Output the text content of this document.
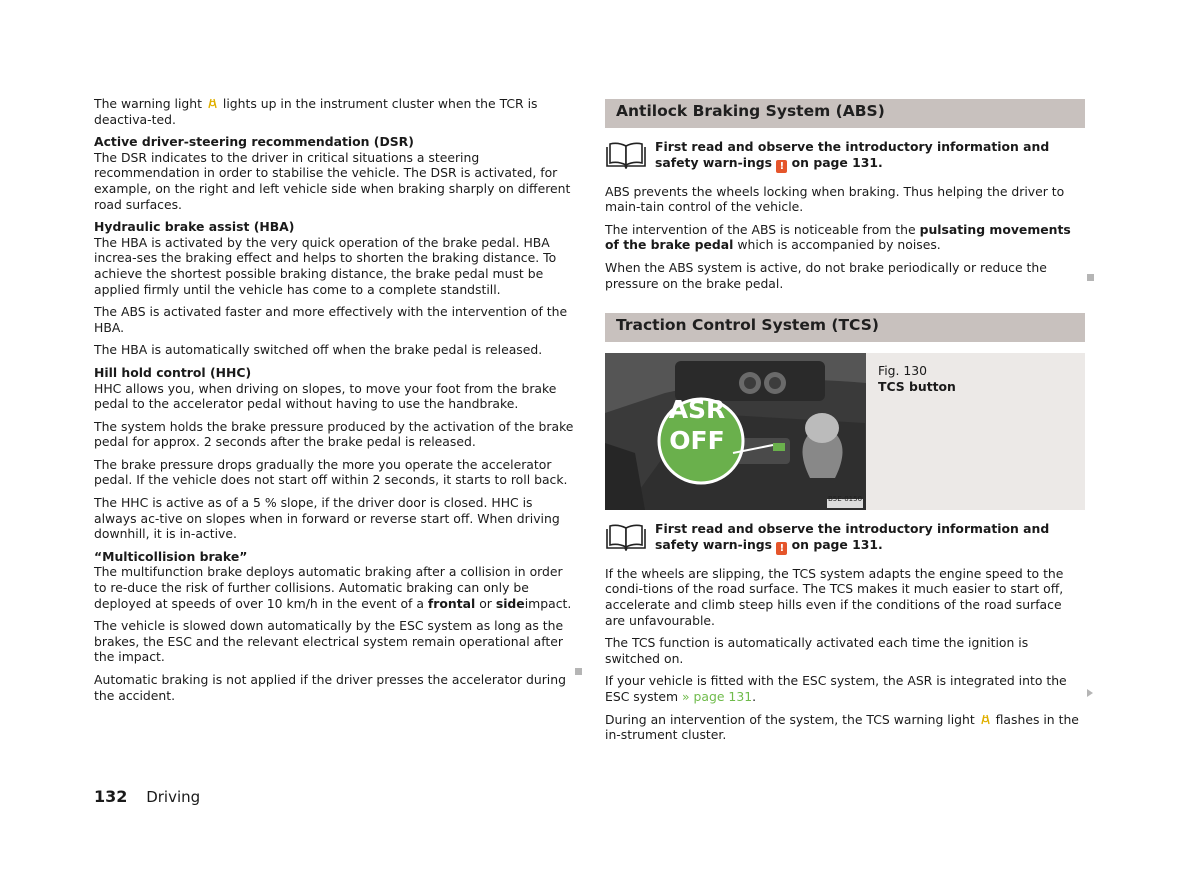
The warning light  lights up in the instrument cluster when the TCR is deactiva-ted.

Active driver-steering recommendation (DSR)
The DSR indicates to the driver in critical situations a steering recommendation in order to stabilise the vehicle. The DSR is activated, for example, on the right and left vehicle side when braking sharply on different road surfaces.
Hydraulic brake assist (HBA)
The HBA is activated by the very quick operation of the brake pedal. HBA increa-ses the braking effect and helps to shorten the braking distance. To achieve the shortest possible braking distance, the brake pedal must be applied firmly until the vehicle has come to a complete standstill.

The ABS is activated faster and more effectively with the intervention of the HBA.

The HBA is automatically switched off when the brake pedal is released.

Hill hold control (HHC)
HHC allows you, when driving on slopes, to move your foot from the brake pedal to the accelerator pedal without having to use the handbrake.

The system holds the brake pressure produced by the activation of the brake pedal for approx. 2 seconds after the brake pedal is released.

The brake pressure drops gradually the more you operate the accelerator pedal. If the vehicle does not start off within 2 seconds, it starts to roll back.

The HHC is active as of a 5 % slope, if the driver door is closed. HHC is always ac-tive on slopes when in forward or reverse start off. When driving downhill, it is in-active.

“Multicollision brake”
The multifunction brake deploys automatic braking after a collision in order to re-duce the risk of further collisions. Automatic braking can only be deployed at speeds of over 10 km/h in the event of a frontal or sideimpact.

The vehicle is slowed down automatically by the ESC system as long as the brakes, the ESC and the relevant electrical system remain operational after the impact.

Automatic braking is not applied if the driver presses the accelerator during the accident.

Antilock Braking System (ABS)
First read and observe the introductory information and safety warn-ings ! on page 131.

ABS prevents the wheels locking when braking. Thus helping the driver to main-tain control of the vehicle.

The intervention of the ABS is noticeable from the pulsating movements of the brake pedal which is accompanied by noises.

When the ABS system is active, do not brake periodically or reduce the pressure on the brake pedal.

Traction Control System (TCS)
Fig. 130
TCS button
First read and observe the introductory information and safety warn-ings ! on page 131.

If the wheels are slipping, the TCS system adapts the engine speed to the condi-tions of the road surface. The TCS makes it much easier to start off, accelerate and climb steep hills even if the conditions of the road surface are unfavourable.

The TCS function is automatically activated each time the ignition is switched on.

If your vehicle is fitted with the ESC system, the ASR is integrated into the ESC system » page 131.

During an intervention of the system, the TCS warning light  flashes in the in-strument cluster.

ASR
OFF
B5E-0150
132 Driving
